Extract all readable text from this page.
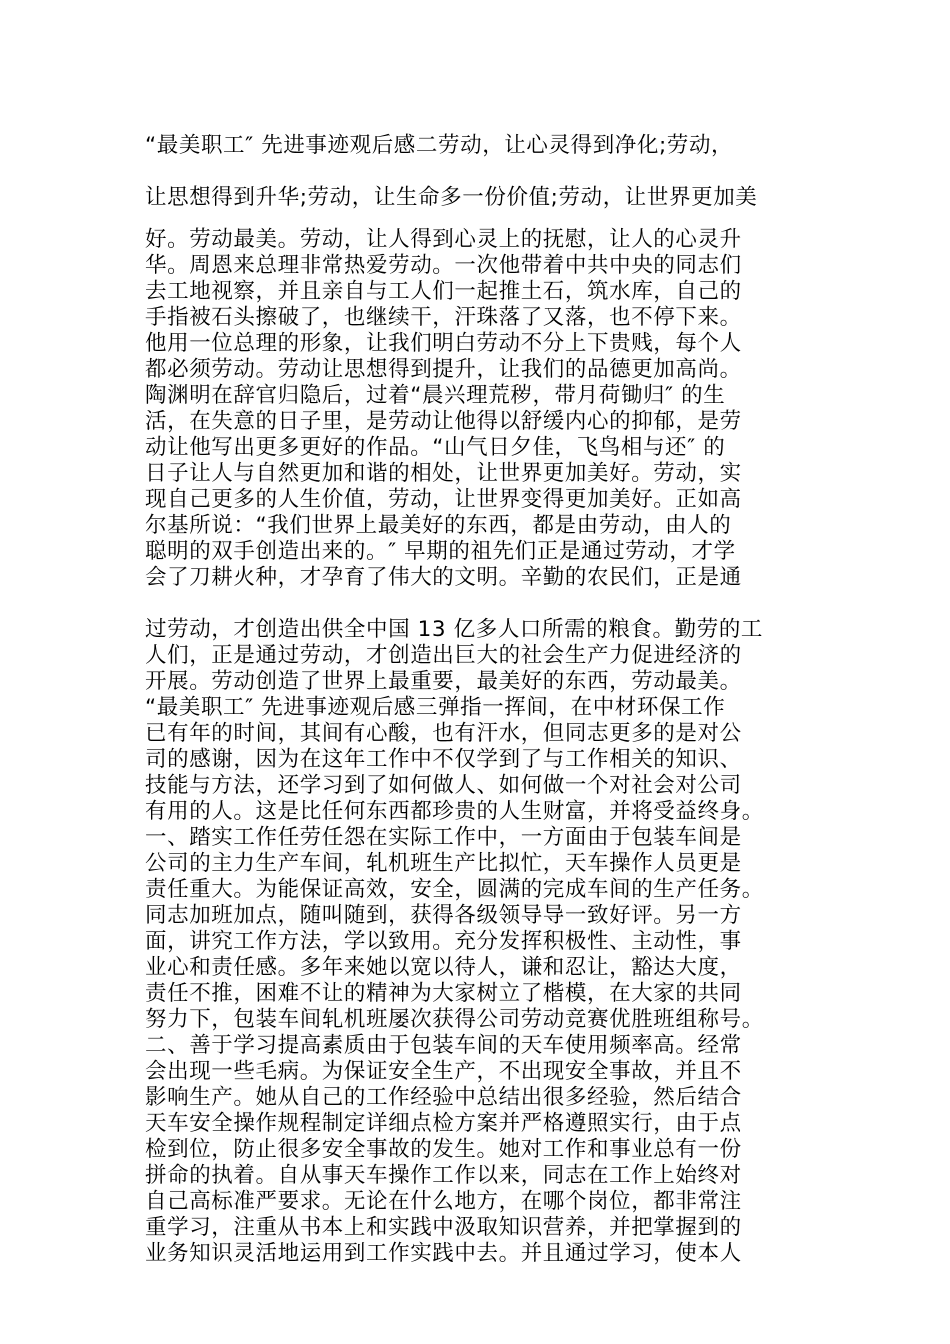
“最美职工″ 先进事迹观后感二劳动，让心灵得到净化;劳动，

让思想得到升华;劳动，让生命多一份价值;劳动，让世界更加美

好。劳动最美。劳动，让人得到心灵上的抚慰，让人的心灵升

华。周恩来总理非常热爱劳动。一次他带着中共中央的同志们

去工地视察，并且亲自与工人们一起推土石，筑水库，自己的

手指被石头擦破了，也继续干，汗珠落了又落，也不停下来。

他用一位总理的形象，让我们明白劳动不分上下贵贱，每个人

都必须劳动。劳动让思想得到提升，让我们的品德更加高尚。

陶渊明在辞官归隐后，过着“晨兴理荒秽，带月荷锄归″ 的生

活，在失意的日子里，是劳动让他得以舒缓内心的抑郁，是劳

动让他写出更多更好的作品。“山气日夕佳，飞鸟相与还″ 的

日子让人与自然更加和谐的相处，让世界更加美好。劳动，实

现自己更多的人生价值，劳动，让世界变得更加美好。正如高

尔基所说：“我们世界上最美好的东西，都是由劳动，由人的

聪明的双手创造出来的。″ 早期的祖先们正是通过劳动，才学

会了刀耕火种，才孕育了伟大的文明。辛勤的农民们，正是通

过劳动，才创造出供全中国 13 亿多人口所需的粮食。勤劳的工

人们，正是通过劳动，才创造出巨大的社会生产力促进经济的

开展。劳动创造了世界上最重要，最美好的东西，劳动最美。

“最美职工″ 先进事迹观后感三弹指一挥间，在中材环保工作

已有年的时间，其间有心酸，也有汗水，但同志更多的是对公

司的感谢，因为在这年工作中不仅学到了与工作相关的知识、

技能与方法，还学习到了如何做人、如何做一个对社会对公司

有用的人。这是比任何东西都珍贵的人生财富，并将受益终身。

一、踏实工作任劳任怨在实际工作中，一方面由于包装车间是

公司的主力生产车间，轧机班生产比拟忙，天车操作人员更是

责任重大。为能保证高效，安全，圆满的完成车间的生产任务。

同志加班加点，随叫随到，获得各级领导导一致好评。另一方

面，讲究工作方法，学以致用。充分发挥积极性、主动性，事

业心和责任感。多年来她以宽以待人，谦和忍让，豁达大度，

责任不推，困难不让的精神为大家树立了楷模，在大家的共同

努力下，包装车间轧机班屡次获得公司劳动竞赛优胜班组称号。

二、善于学习提高素质由于包装车间的天车使用频率高。经常

会出现一些毛病。为保证安全生产，不出现安全事故，并且不

影响生产。她从自己的工作经验中总结出很多经验，然后结合

天车安全操作规程制定详细点检方案并严格遵照实行，由于点

检到位，防止很多安全事故的发生。她对工作和事业总有一份

拼命的执着。自从事天车操作工作以来，同志在工作上始终对

自己高标准严要求。无论在什么地方，在哪个岗位，都非常注

重学习，注重从书本上和实践中汲取知识营养，并把掌握到的

业务知识灵活地运用到工作实践中去。并且通过学习，使本人
